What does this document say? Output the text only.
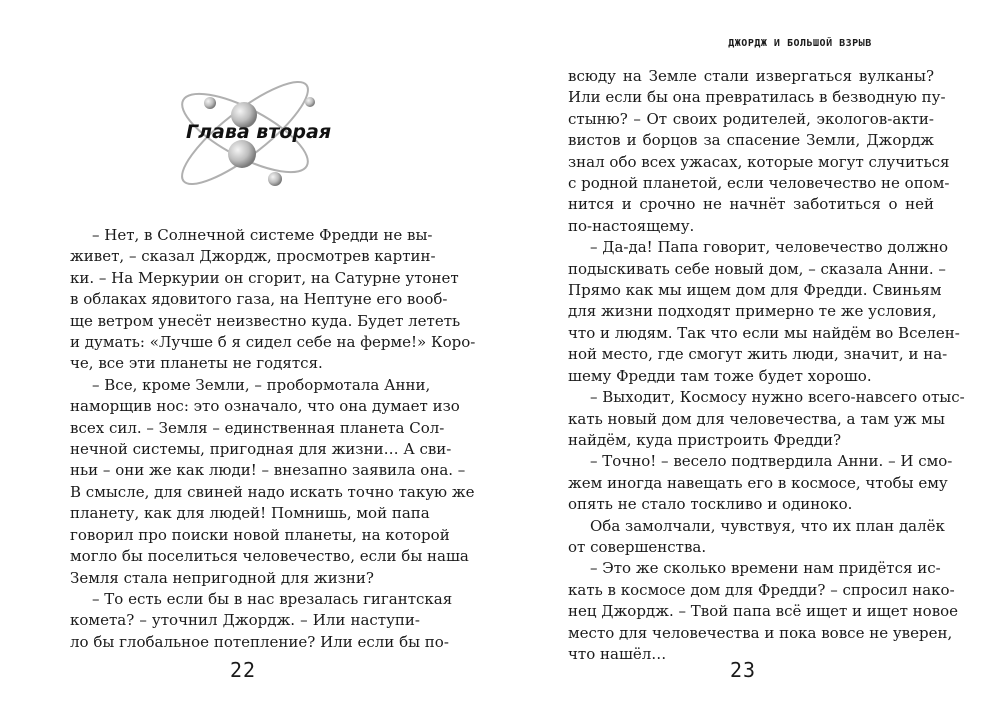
Глава вторая
– Нет, в Солнечной системе Фредди не вы-
живет, – сказал Джордж, просмотрев картин-
ки. – На Меркурии он сгорит, на Сатурне утонет
в облаках ядовитого газа, на Нептуне его вооб-
ще ветром унесёт неизвестно куда. Будет лететь
и думать: «Лучше б я сидел себе на ферме!» Коро-
че, все эти планеты не годятся.
– Все, кроме Земли, – пробормотала Анни,
наморщив нос: это означало, что она думает изо
всех сил. – Земля – единственная планета Сол-
нечной системы, пригодная для жизни… А сви-
ньи – они же как люди! – внезапно заявила она. –
В смысле, для свиней надо искать точно такую же
планету, как для людей! Помнишь, мой папа
говорил про поиски новой планеты, на которой
могло бы поселиться человечество, если бы наша
Земля стала непригодной для жизни?
– То есть если бы в нас врезалась гигантская
комета? – уточнил Джордж. – Или наступи-
ло бы глобальное потепление? Или если бы по-
22
ДЖОРДЖ И БОЛЬШОЙ ВЗРЫВ
всюду на Земле стали извергаться вулканы?
Или если бы она превратилась в безводную пу-
стыню? – От своих родителей, экологов-акти-
вистов и борцов за спасение Земли, Джордж
знал обо всех ужасах, которые могут случиться
с родной планетой, если человечество не опом-
нится и срочно не начнёт заботиться о ней
по-настоящему.
– Да-да! Папа говорит, человечество должно
подыскивать себе новый дом, – сказала Анни. –
Прямо как мы ищем дом для Фредди. Свиньям
для жизни подходят примерно те же условия,
что и людям. Так что если мы найдём во Вселен-
ной место, где смогут жить люди, значит, и на-
шему Фредди там тоже будет хорошо.
– Выходит, Космосу нужно всего-навсего отыс-
кать новый дом для человечества, а там уж мы
найдём, куда пристроить Фредди?
– Точно! – весело подтвердила Анни. – И смо-
жем иногда навещать его в космосе, чтобы ему
опять не стало тоскливо и одиноко.
Оба замолчали, чувствуя, что их план далёк
от совершенства.
– Это же сколько времени нам придётся ис-
кать в космосе дом для Фредди? – спросил нако-
нец Джордж. – Твой папа всё ищет и ищет новое
место для человечества и пока вовсе не уверен,
что нашёл…
23
